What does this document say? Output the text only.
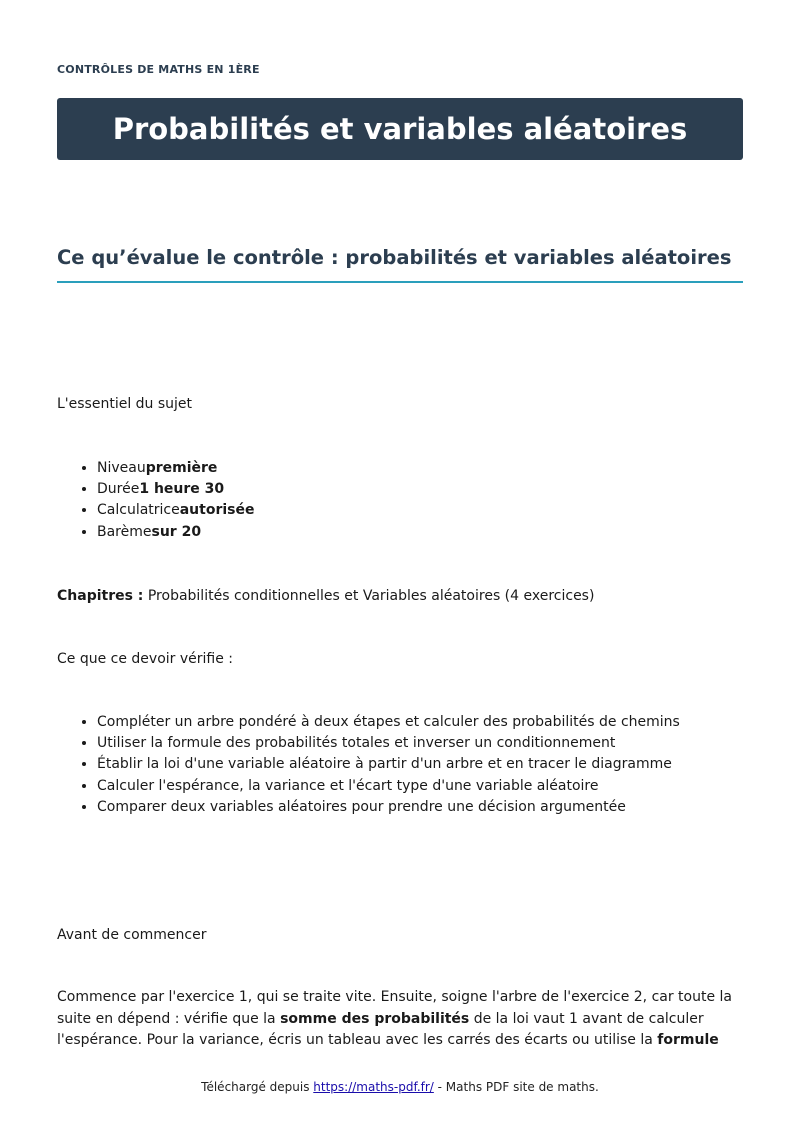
CONTRÔLES DE MATHS EN 1ÈRE
Probabilités et variables aléatoires
Ce qu’évalue le contrôle : probabilités et variables aléatoires

L'essentiel du sujet

• Niveaupremière
• Durée1 heure 30
• Calculatriceautorisée
• Barèmesur 20

Chapitres : Probabilités conditionnelles et Variables aléatoires (4 exercices)

Ce que ce devoir vérifie :

• Compléter un arbre pondéré à deux étapes et calculer des probabilités de chemins
• Utiliser la formule des probabilités totales et inverser un conditionnement
• Établir la loi d'une variable aléatoire à partir d'un arbre et en tracer le diagramme
• Calculer l'espérance, la variance et l'écart type d'une variable aléatoire
• Comparer deux variables aléatoires pour prendre une décision argumentée

Avant de commencer

Commence par l'exercice 1, qui se traite vite. Ensuite, soigne l'arbre de l'exercice 2, car toute la suite en dépend : vérifie que la somme des probabilités de la loi vaut 1 avant de calculer l'espérance. Pour la variance, écris un tableau avec les carrés des écarts ou utilise la formule

Téléchargé depuis https://maths-pdf.fr/ - Maths PDF site de maths.
